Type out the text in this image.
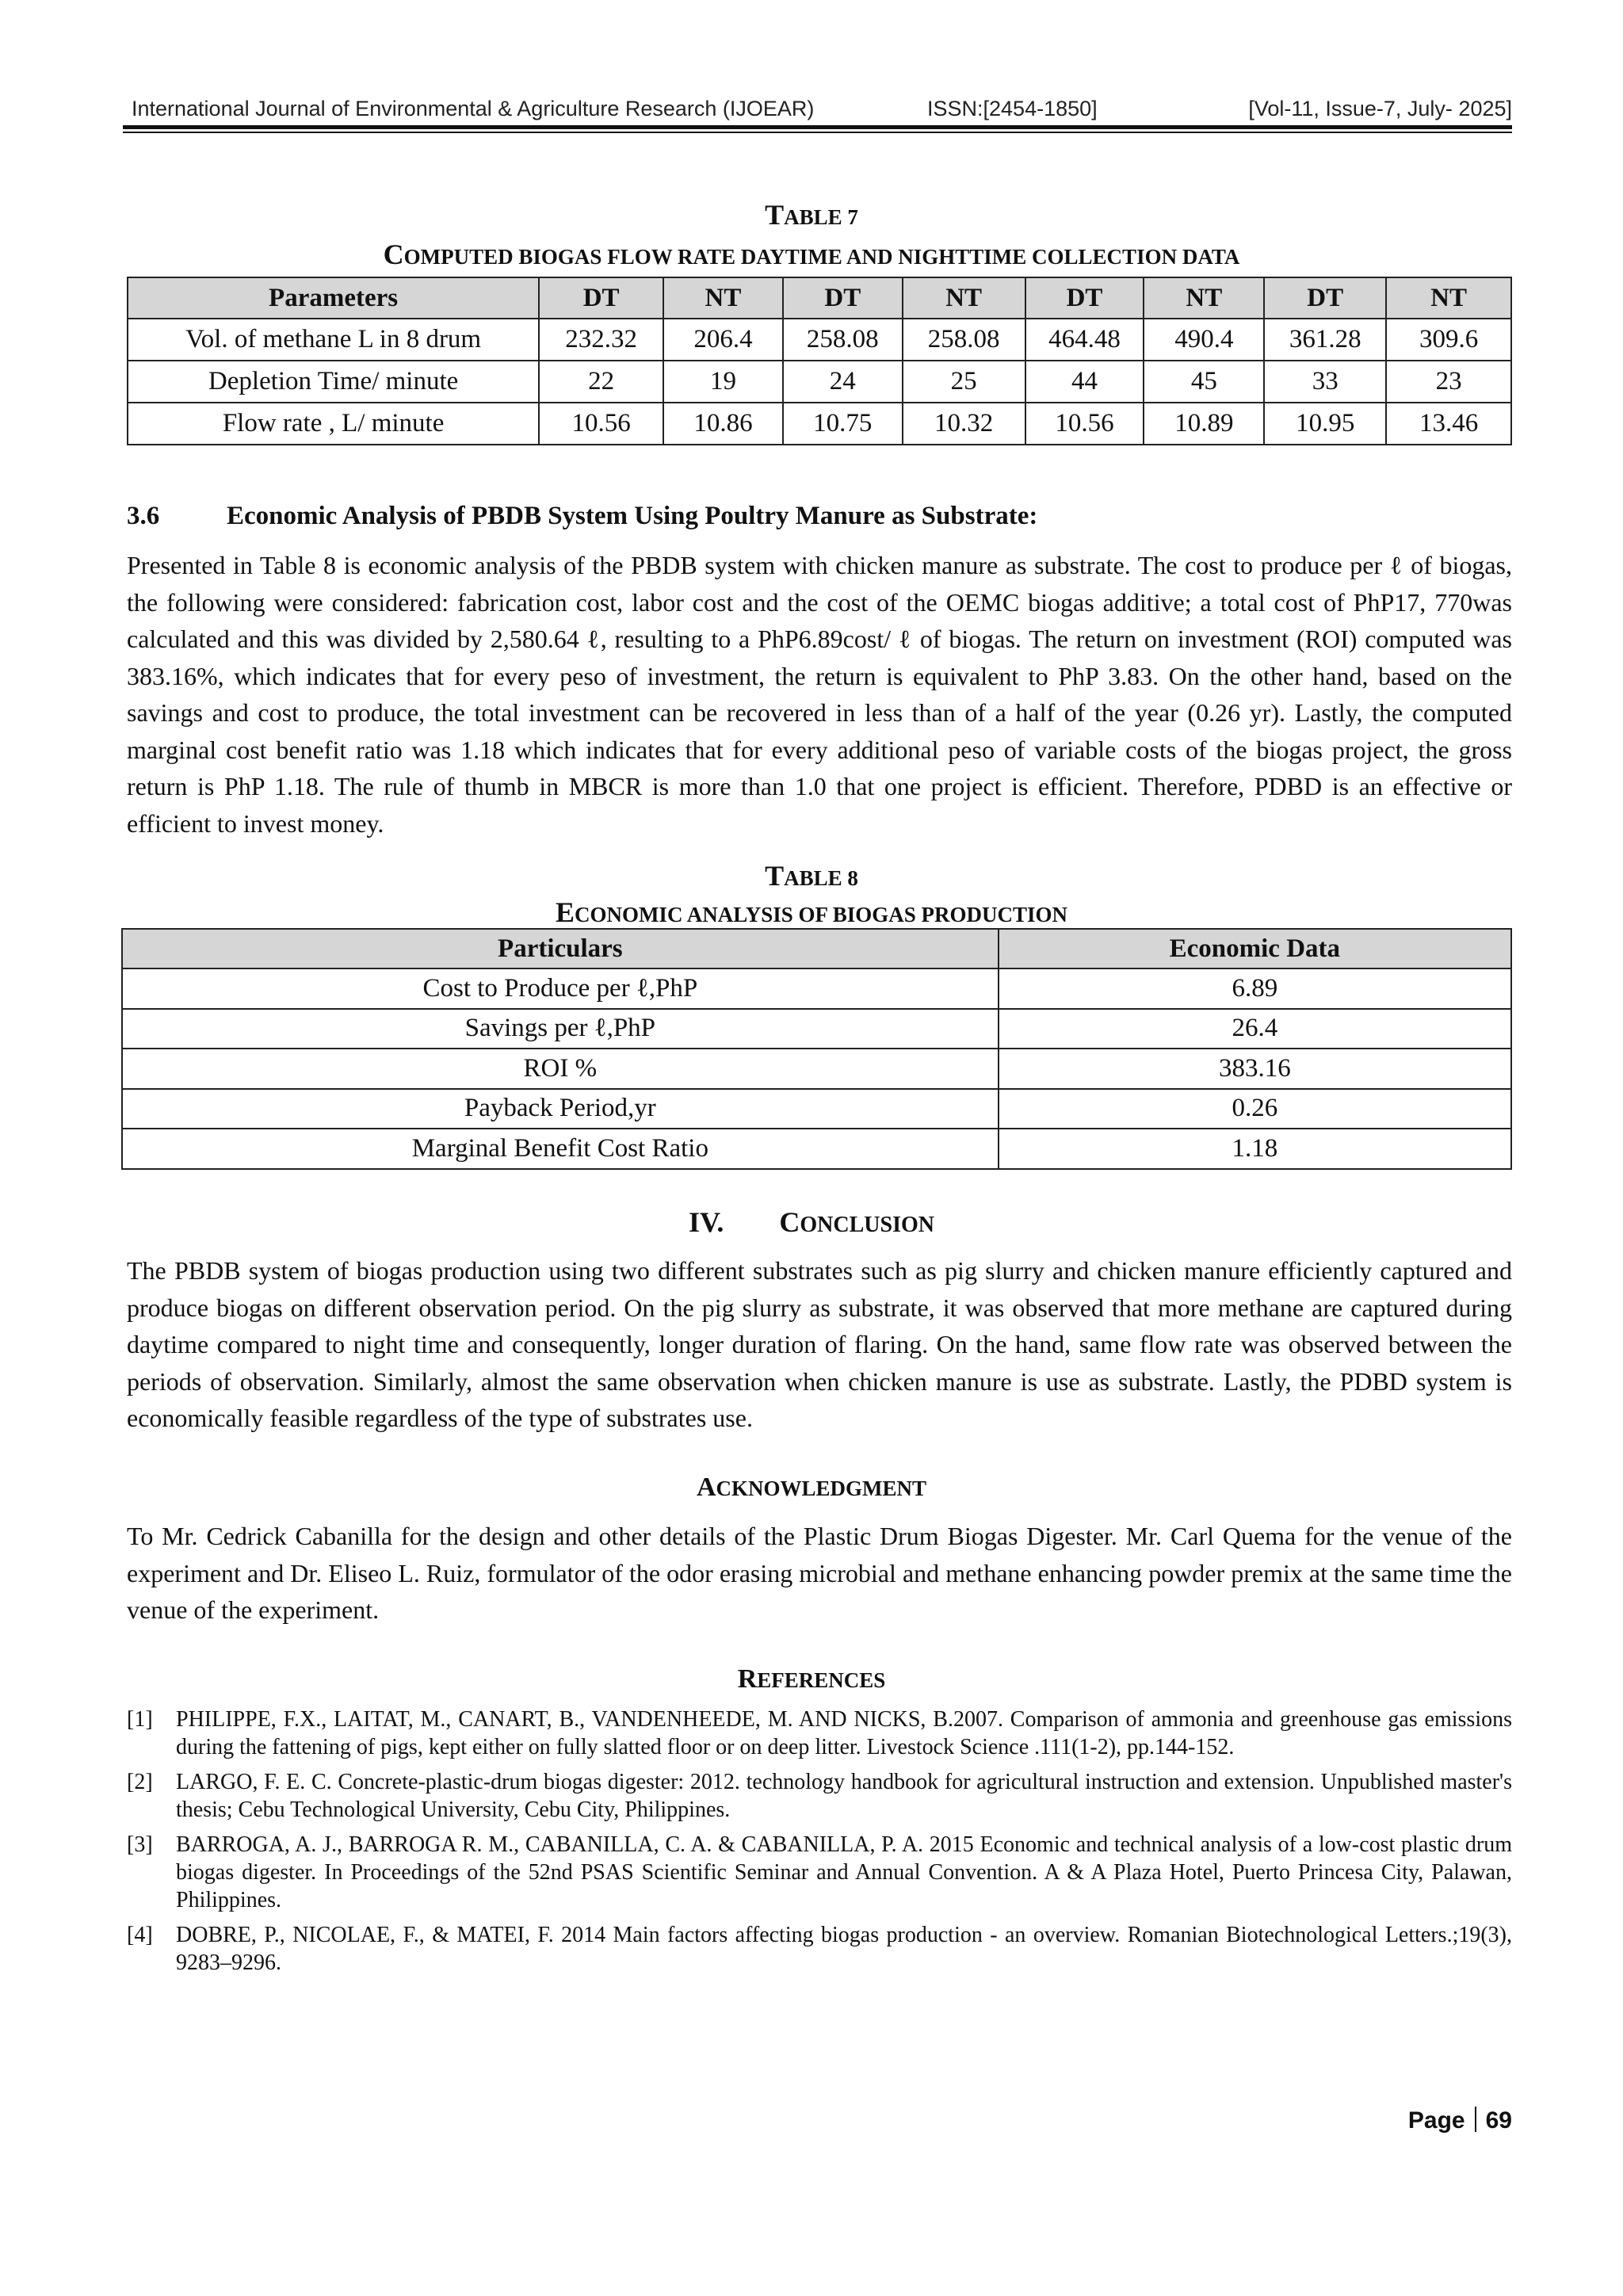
International Journal of Environmental & Agriculture Research (IJOEAR)	ISSN:[2454-1850]	[Vol-11, Issue-7, July- 2025]
TABLE 7
COMPUTED BIOGAS FLOW RATE DAYTIME AND NIGHTTIME COLLECTION DATA
Parameters	DT	NT	DT	NT	DT	NT	DT	NT
Vol. of methane L in 8 drum	232.32	206.4	258.08	258.08	464.48	490.4	361.28	309.6
Depletion Time/ minute	22	19	24	25	44	45	33	23
Flow rate , L/ minute	10.56	10.86	10.75	10.32	10.56	10.89	10.95	13.46
3.6	Economic Analysis of PBDB System Using Poultry Manure as Substrate:

Presented in Table 8 is economic analysis of the PBDB system with chicken manure as substrate. The cost to produce per ℓ of biogas, the following were considered: fabrication cost, labor cost and the cost of the OEMC biogas additive; a total cost of PhP17, 770was calculated and this was divided by 2,580.64 ℓ, resulting to a PhP6.89cost/ ℓ of biogas. The return on investment (ROI) computed was 383.16%, which indicates that for every peso of investment, the return is equivalent to PhP 3.83. On the other hand, based on the savings and cost to produce, the total investment can be recovered in less than of a half of the year (0.26 yr). Lastly, the computed marginal cost benefit ratio was 1.18 which indicates that for every additional peso of variable costs of the biogas project, the gross return is PhP 1.18. The rule of thumb in MBCR is more than 1.0 that one project is efficient. Therefore, PDBD is an effective or efficient to invest money.

TABLE 8
ECONOMIC ANALYSIS OF BIOGAS PRODUCTION
Particulars	Economic Data
Cost to Produce per ℓ,PhP	6.89
Savings per ℓ,PhP	26.4
ROI %	383.16
Payback Period,yr	0.26
Marginal Benefit Cost Ratio	1.18
IV. CONCLUSION

The PBDB system of biogas production using two different substrates such as pig slurry and chicken manure efficiently captured and produce biogas on different observation period. On the pig slurry as substrate, it was observed that more methane are captured during daytime compared to night time and consequently, longer duration of flaring. On the hand, same flow rate was observed between the periods of observation. Similarly, almost the same observation when chicken manure is use as substrate. Lastly, the PDBD system is economically feasible regardless of the type of substrates use.

ACKNOWLEDGMENT

To Mr. Cedrick Cabanilla for the design and other details of the Plastic Drum Biogas Digester. Mr. Carl Quema for the venue of the experiment and Dr. Eliseo L. Ruiz, formulator of the odor erasing microbial and methane enhancing powder premix at the same time the venue of the experiment.

REFERENCES
[1] PHILIPPE, F.X., LAITAT, M., CANART, B., VANDENHEEDE, M. AND NICKS, B.2007. Comparison of ammonia and greenhouse gas emissions during the fattening of pigs, kept either on fully slatted floor or on deep litter. Livestock Science .111(1-2), pp.144-152.
[2] LARGO, F. E. C. Concrete-plastic-drum biogas digester: 2012. technology handbook for agricultural instruction and extension. Unpublished master's thesis; Cebu Technological University, Cebu City, Philippines.
[3] BARROGA, A. J., BARROGA R. M., CABANILLA, C. A. & CABANILLA, P. A. 2015 Economic and technical analysis of a low-cost plastic drum biogas digester. In Proceedings of the 52nd PSAS Scientific Seminar and Annual Convention. A & A Plaza Hotel, Puerto Princesa City, Palawan, Philippines.
[4] DOBRE, P., NICOLAE, F., & MATEI, F. 2014 Main factors affecting biogas production - an overview. Romanian Biotechnological Letters.;19(3), 9283–9296.
Page 69
